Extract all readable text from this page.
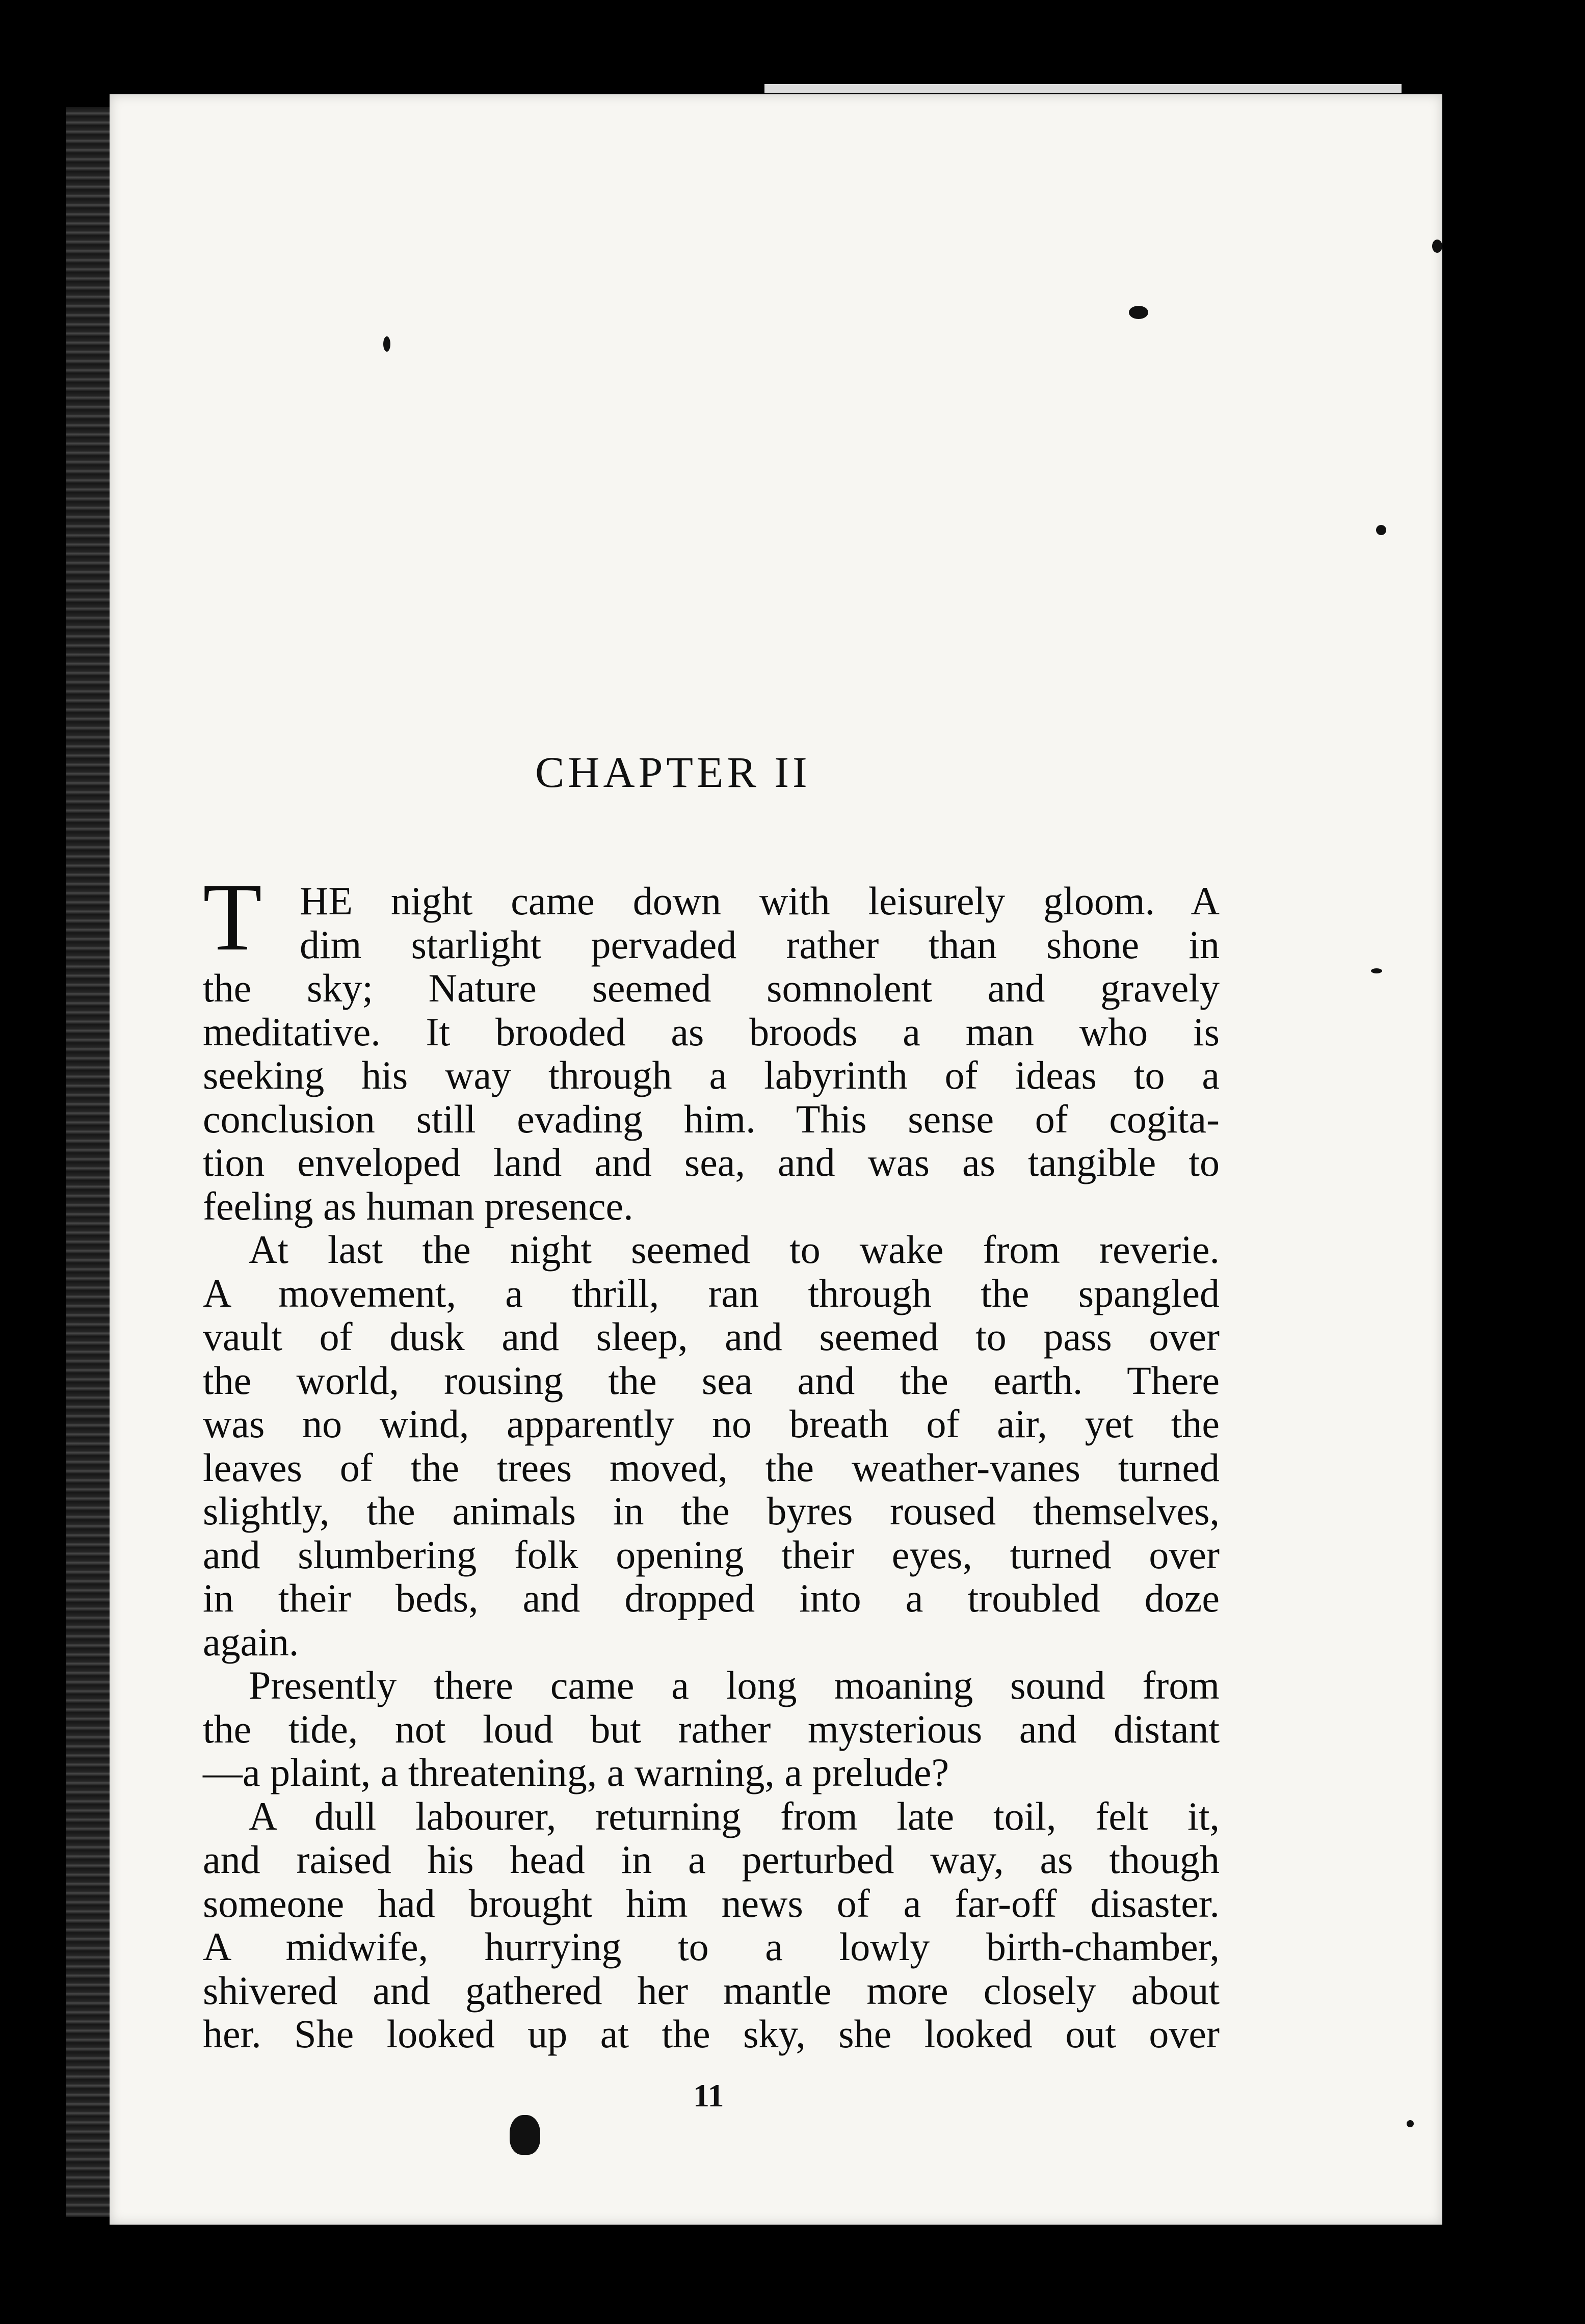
CHAPTER II
T HE night came down with leisurely gloom. A
dim starlight pervaded rather than shone in
the sky; Nature seemed somnolent and gravely
meditative. It brooded as broods a man who is
seeking his way through a labyrinth of ideas to a
conclusion still evading him. This sense of cogita-
tion enveloped land and sea, and was as tangible to
feeling as human presence.
At last the night seemed to wake from reverie.
A movement, a thrill, ran through the spangled
vault of dusk and sleep, and seemed to pass over
the world, rousing the sea and the earth. There
was no wind, apparently no breath of air, yet the
leaves of the trees moved, the weather-vanes turned
slightly, the animals in the byres roused themselves,
and slumbering folk opening their eyes, turned over
in their beds, and dropped into a troubled doze
again.
Presently there came a long moaning sound from
the tide, not loud but rather mysterious and distant
—a plaint, a threatening, a warning, a prelude?
A dull labourer, returning from late toil, felt it,
and raised his head in a perturbed way, as though
someone had brought him news of a far-off disaster.
A midwife, hurrying to a lowly birth-chamber,
shivered and gathered her mantle more closely about
her. She looked up at the sky, she looked out over
11
